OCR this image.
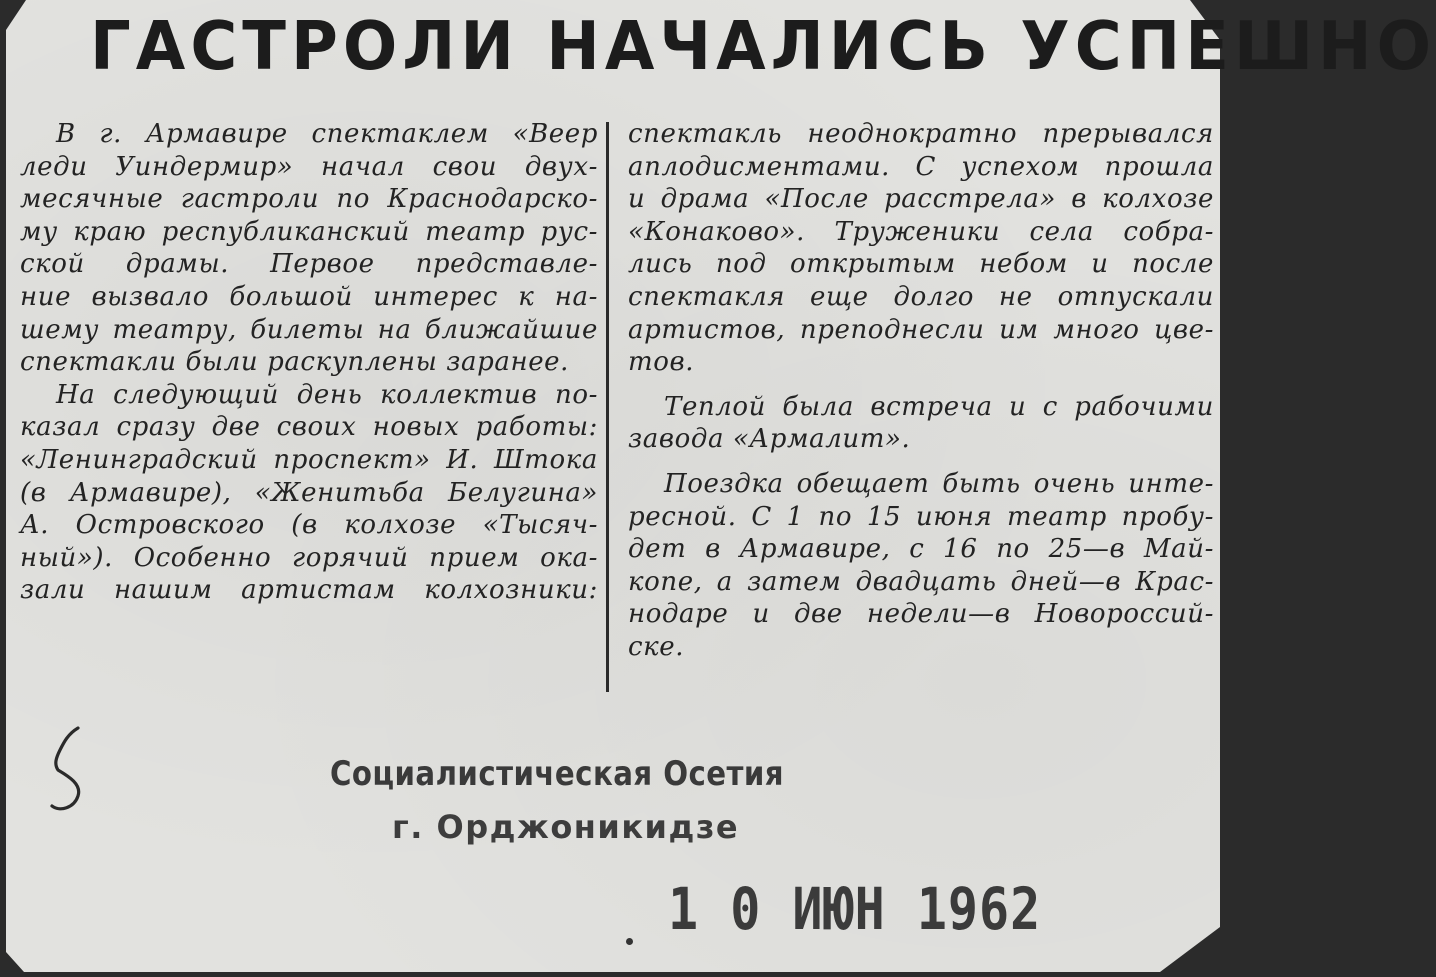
ГАСТРОЛИ НАЧАЛИСЬ УСПЕШНО
В г. Армавире спектаклем «Веер
леди Уиндермир» начал свои двух-
месячные гастроли по Краснодарско-
му краю республиканский театр рус-
ской драмы. Первое представле-
ние вызвало большой интерес к на-
шему театру, билеты на ближайшие
спектакли были раскуплены заранее.
На следующий день коллектив по-
казал сразу две своих новых работы:
«Ленинградский проспект» И. Штока
(в Армавире), «Женитьба Белугина»
А. Островского (в колхозе «Тысяч-
ный»). Особенно горячий прием ока-
зали нашим артистам колхозники:
спектакль неоднократно прерывался
аплодисментами. С успехом прошла
и драма «После расстрела» в колхозе
«Конаково». Труженики села собра-
лись под открытым небом и после
спектакля еще долго не отпускали
артистов, преподнесли им много цве-
тов.
Теплой была встреча и с рабочими
завода «Армалит».
Поездка обещает быть очень инте-
ресной. С 1 по 15 июня театр пробу-
дет в Армавире, с 16 по 25—в Май-
копе, а затем двадцать дней—в Крас-
нодаре и две недели—в Новороссий-
ске.
Социалистическая Осетия
г. Орджоникидзе
1 0 ИЮН 1962
